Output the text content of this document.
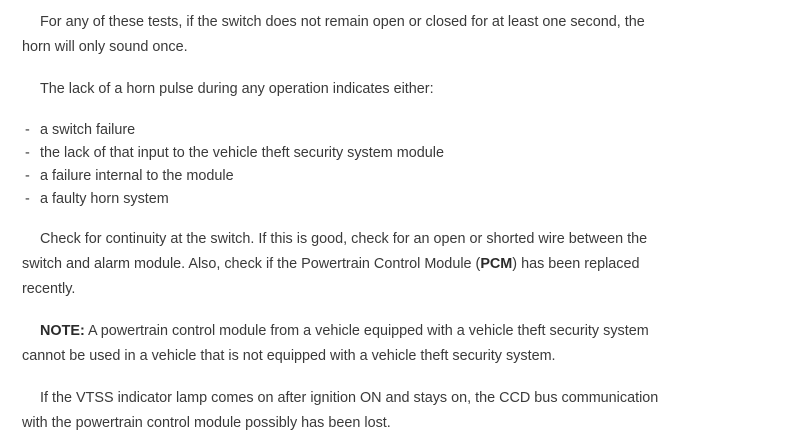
For any of these tests, if the switch does not remain open or closed for at least one second, the horn will only sound once.

The lack of a horn pulse during any operation indicates either:

- a switch failure
- the lack of that input to the vehicle theft security system module
- a failure internal to the module
- a faulty horn system

Check for continuity at the switch. If this is good, check for an open or shorted wire between the switch and alarm module. Also, check if the Powertrain Control Module (PCM) has been replaced recently.

NOTE: A powertrain control module from a vehicle equipped with a vehicle theft security system cannot be used in a vehicle that is not equipped with a vehicle theft security system.

If the VTSS indicator lamp comes on after ignition ON and stays on, the CCD bus communication with the powertrain control module possibly has been lost.
